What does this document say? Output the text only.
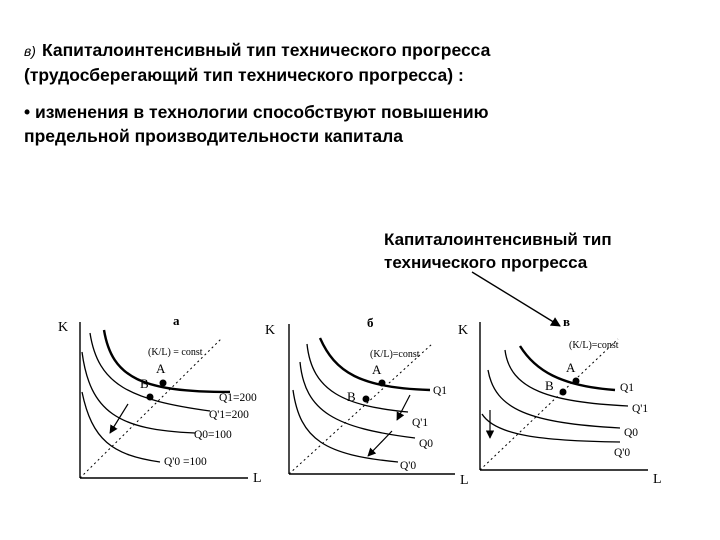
в) Капиталоинтенсивный тип технического прогресса
(трудосберегающий тип технического прогресса) :
• изменения в технологии способствуют повышению
предельной производительности капитала
Капиталоинтенсивный тип
технического прогресса
а
K
L
(K/L) = const
A
B
Q1=200
Q'1=200
Q0=100
Q'0 =100
б
K
L
(K/L)=const
A
B	Q1
Q'1
Q0
Q'0
в
K
L
(K/L)=const
A
B	Q1
Q'1
Q0
Q'0
